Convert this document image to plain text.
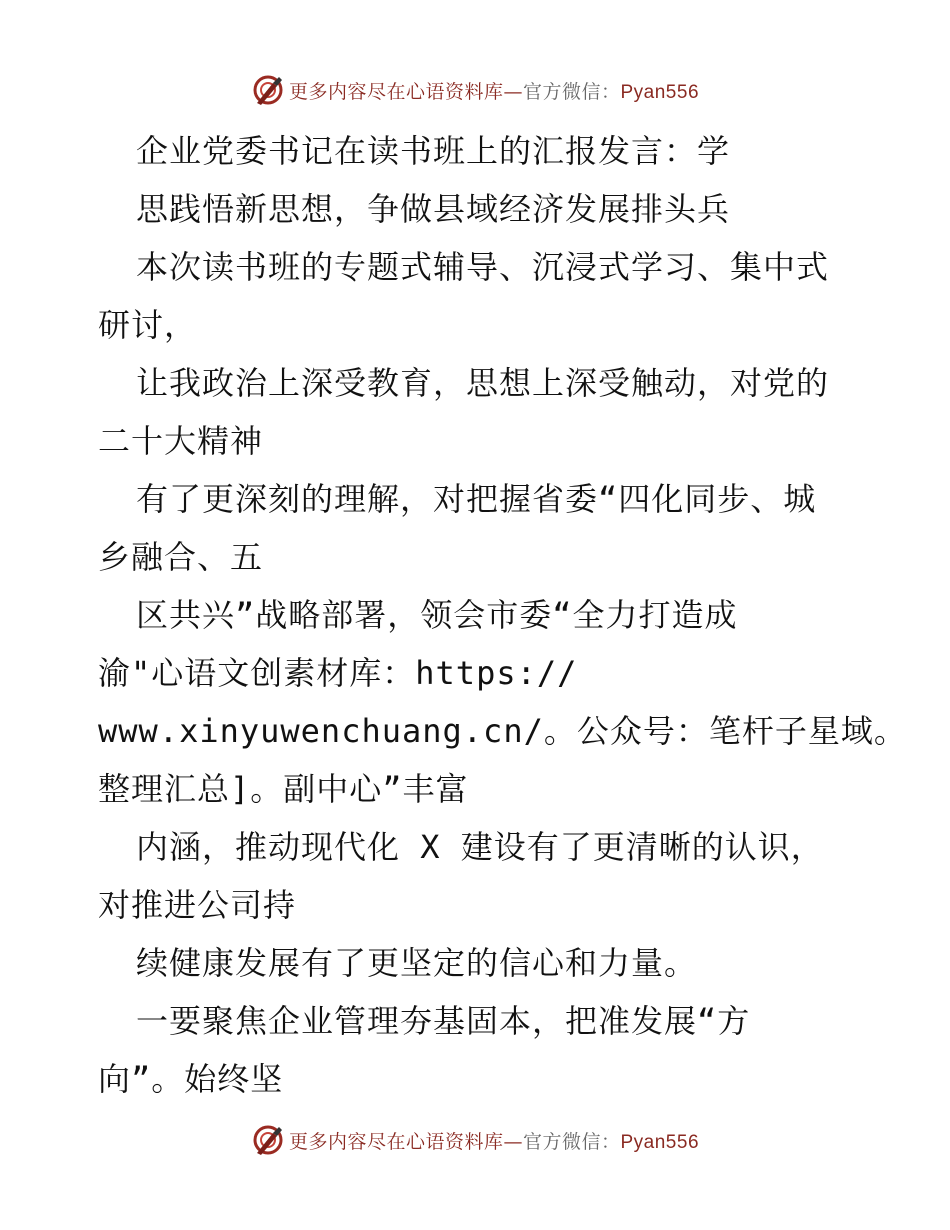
更多内容尽在心语资料库—官方微信：Pyan556
企业党委书记在读书班上的汇报发言：学
思践悟新思想，争做县域经济发展排头兵
本次读书班的专题式辅导、沉浸式学习、集中式
研讨，
让我政治上深受教育，思想上深受触动，对党的
二十大精神
有了更深刻的理解，对把握省委“四化同步、城
乡融合、五
区共兴”战略部署，领会市委“全力打造成
渝"心语文创素材库：https://
www.xinyuwenchuang.cn/。公众号：笔杆子星域。
整理汇总]。副中心”丰富
内涵，推动现代化 X 建设有了更清晰的认识，
对推进公司持
续健康发展有了更坚定的信心和力量。
一要聚焦企业管理夯基固本，把准发展“方
向”。始终坚
更多内容尽在心语资料库—官方微信：Pyan556
